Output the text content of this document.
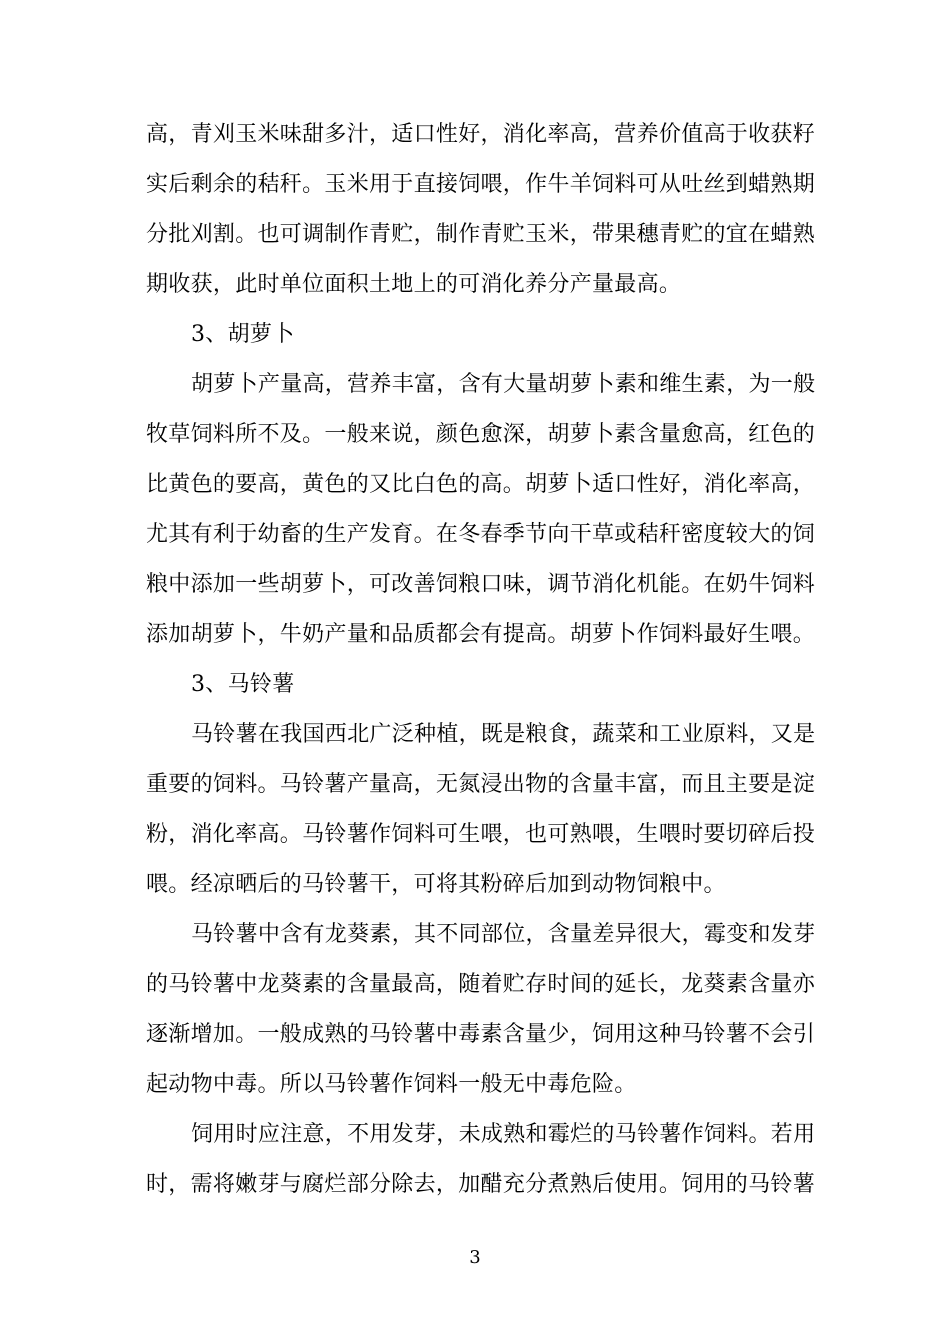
高，青刈玉米味甜多汁，适口性好，消化率高，营养价值高于收获籽
实后剩余的秸秆。玉米用于直接饲喂，作牛羊饲料可从吐丝到蜡熟期
分批刈割。也可调制作青贮，制作青贮玉米，带果穗青贮的宜在蜡熟
期收获，此时单位面积土地上的可消化养分产量最高。
3、胡萝卜
胡萝卜产量高，营养丰富，含有大量胡萝卜素和维生素，为一般
牧草饲料所不及。一般来说，颜色愈深，胡萝卜素含量愈高，红色的
比黄色的要高，黄色的又比白色的高。胡萝卜适口性好，消化率高，
尤其有利于幼畜的生产发育。在冬春季节向干草或秸秆密度较大的饲
粮中添加一些胡萝卜，可改善饲粮口味，调节消化机能。在奶牛饲料
添加胡萝卜，牛奶产量和品质都会有提高。胡萝卜作饲料最好生喂。
3、马铃薯
马铃薯在我国西北广泛种植，既是粮食，蔬菜和工业原料，又是
重要的饲料。马铃薯产量高，无氮浸出物的含量丰富，而且主要是淀
粉，消化率高。马铃薯作饲料可生喂，也可熟喂，生喂时要切碎后投
喂。经凉晒后的马铃薯干，可将其粉碎后加到动物饲粮中。
马铃薯中含有龙葵素，其不同部位，含量差异很大，霉变和发芽
的马铃薯中龙葵素的含量最高，随着贮存时间的延长，龙葵素含量亦
逐渐增加。一般成熟的马铃薯中毒素含量少，饲用这种马铃薯不会引
起动物中毒。所以马铃薯作饲料一般无中毒危险。
饲用时应注意，不用发芽，未成熟和霉烂的马铃薯作饲料。若用
时，需将嫩芽与腐烂部分除去，加醋充分煮熟后使用。饲用的马铃薯
3
